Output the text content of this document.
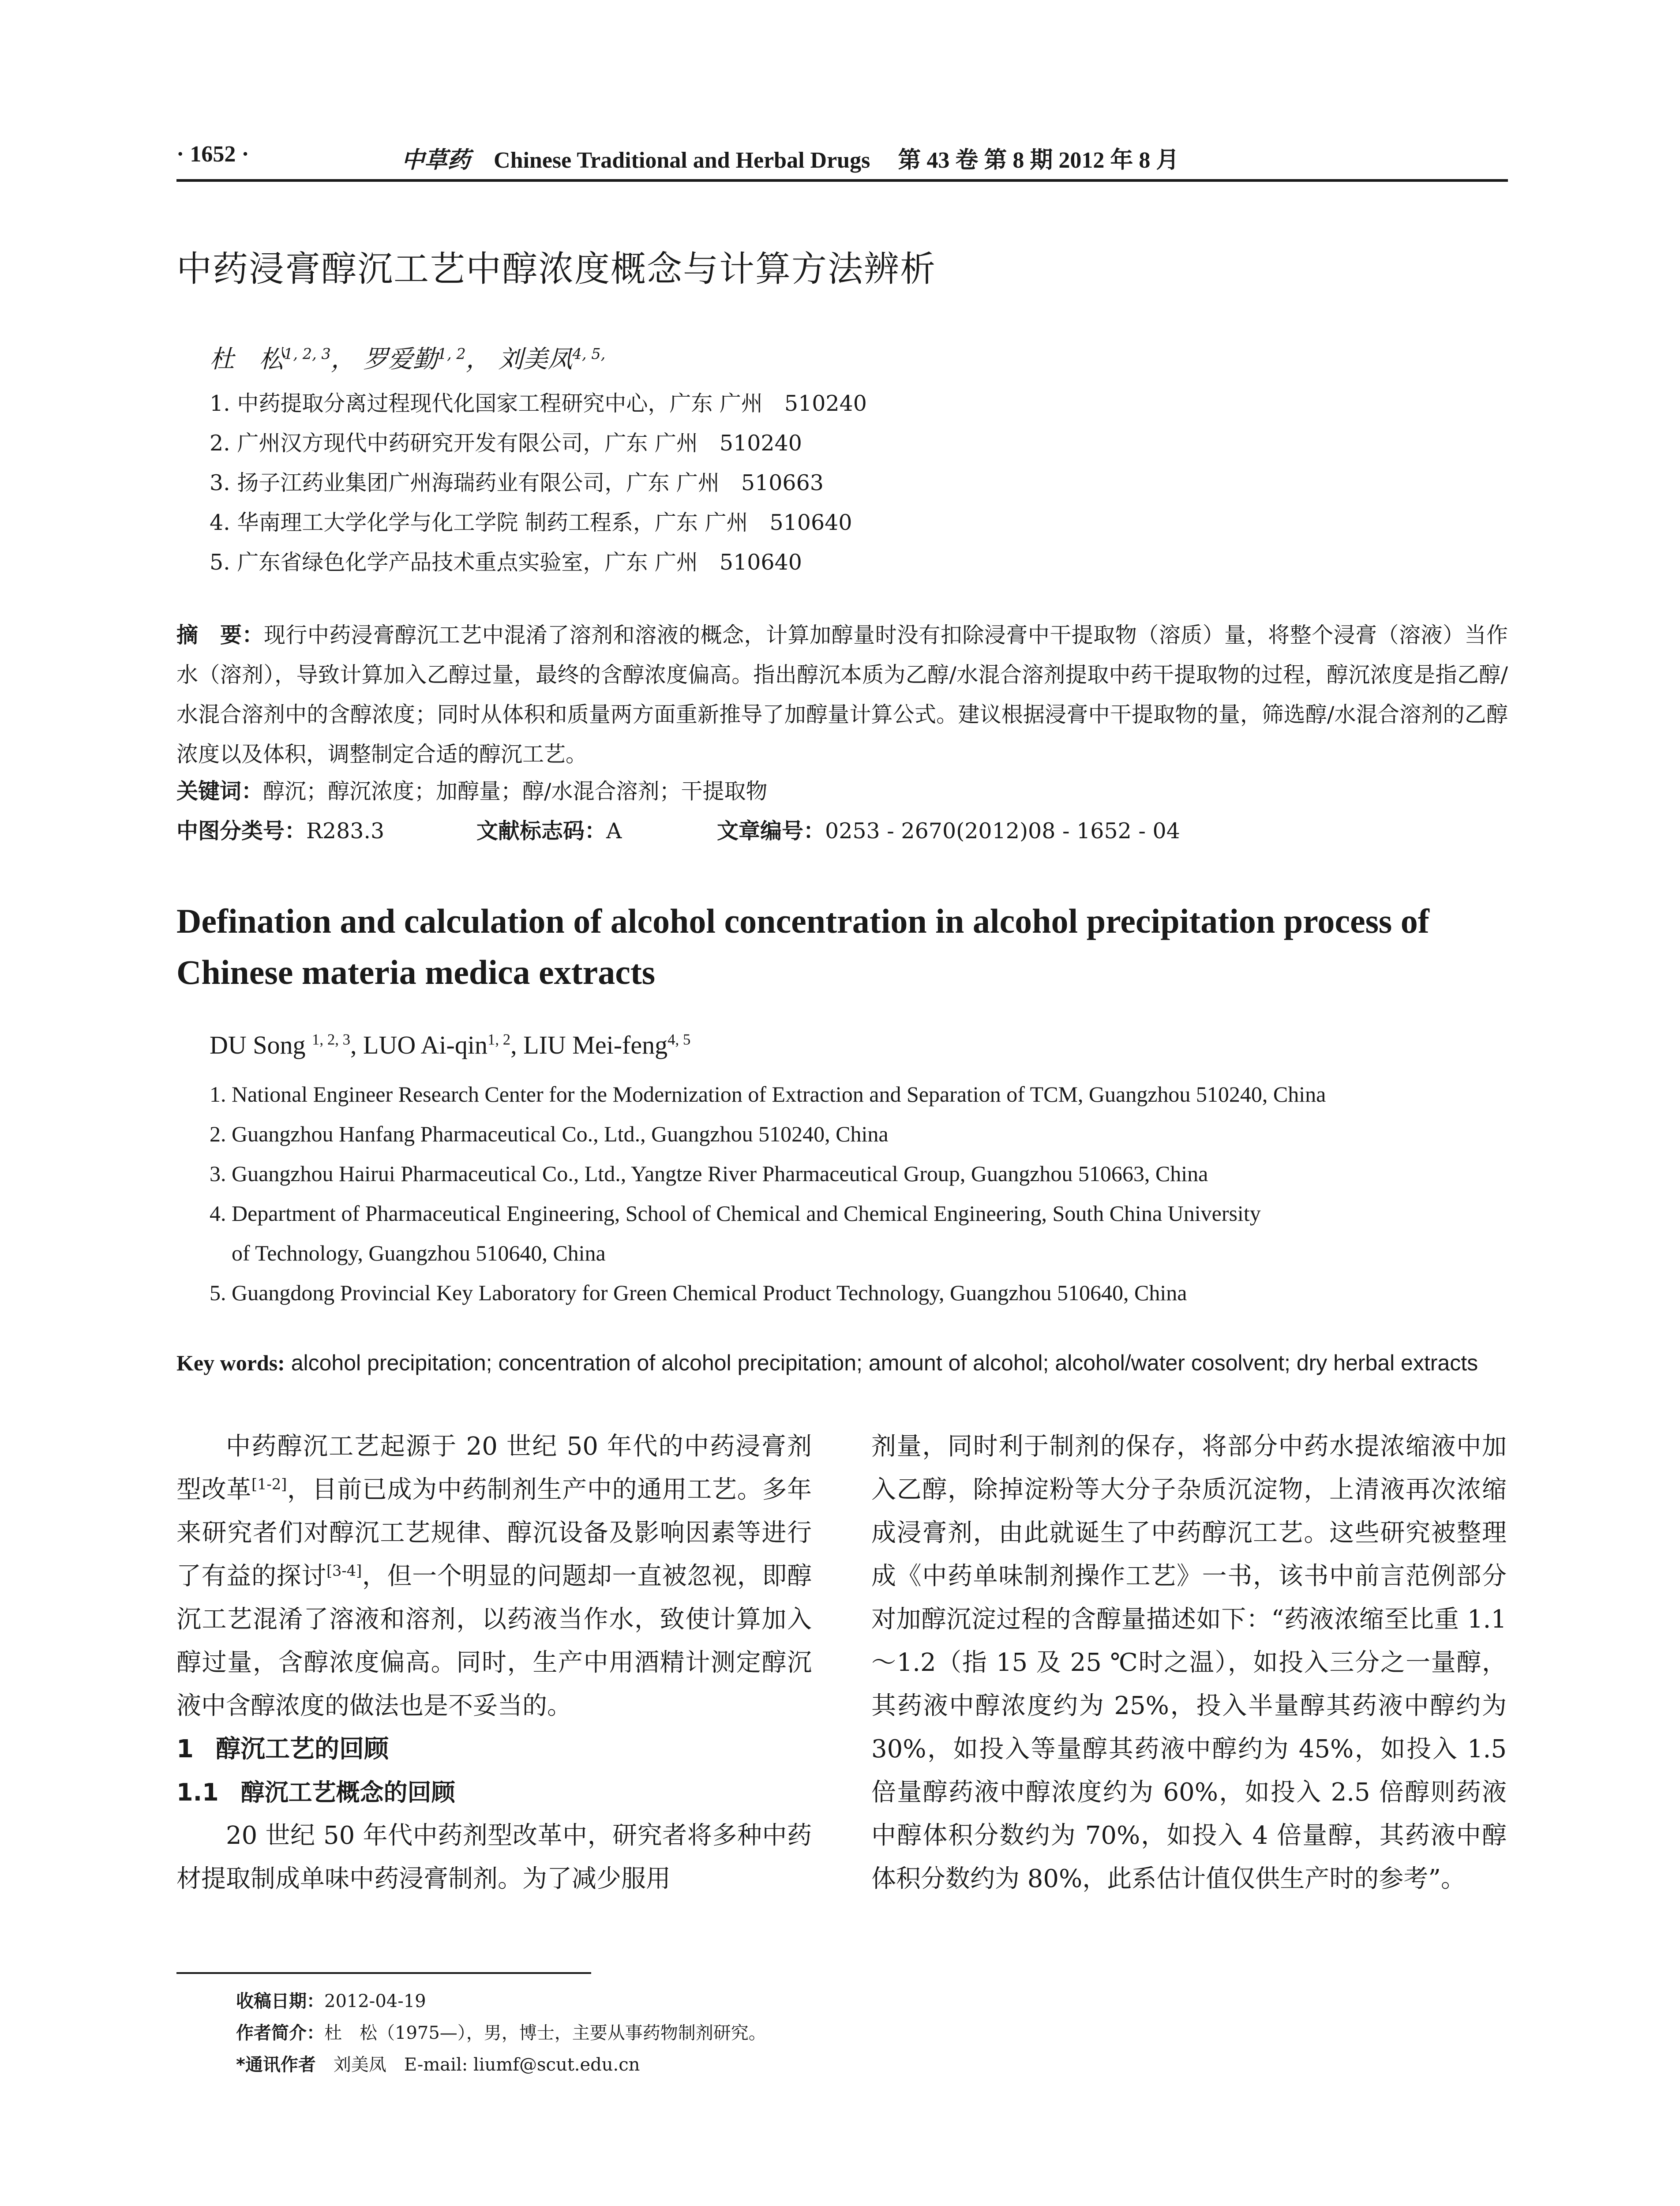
· 1652 ·	中草药 Chinese Traditional and Herbal Drugs 第 43 卷 第 8 期 2012 年 8 月
中药浸膏醇沉工艺中醇浓度概念与计算方法辨析
杜　松$^{1, 2, 3}$， 罗爱勤$^{1, 2}$， 刘美凤$^{4, 5,}$
1. 中药提取分离过程现代化国家工程研究中心，广东 广州　510240
2. 广州汉方现代中药研究开发有限公司，广东 广州　510240
3. 扬子江药业集团广州海瑞药业有限公司，广东 广州　510663
4. 华南理工大学化学与化工学院 制药工程系，广东 广州　510640
5. 广东省绿色化学产品技术重点实验室，广东 广州　510640
摘　要：现行中药浸膏醇沉工艺中混淆了溶剂和溶液的概念，计算加醇量时没有扣除浸膏中干提取物（溶质）量，将整个浸膏（溶液）当作水（溶剂），导致计算加入乙醇过量，最终的含醇浓度偏高。指出醇沉本质为乙醇/水混合溶剂提取中药干提取物的过程，醇沉浓度是指乙醇/水混合溶剂中的含醇浓度；同时从体积和质量两方面重新推导了加醇量计算公式。建议根据浸膏中干提取物的量，筛选醇/水混合溶剂的乙醇浓度以及体积，调整制定合适的醇沉工艺。
关键词：醇沉；醇沉浓度；加醇量；醇/水混合溶剂；干提取物
中图分类号：R283.3	文献标志码：A	文章编号：0253 - 2670(2012)08 - 1652 - 04
Defination and calculation of alcohol concentration in alcohol precipitation process of Chinese materia medica extracts
DU Song $^{1, 2, 3}$, LUO Ai-qin$^{1, 2}$, LIU Mei-feng$^{4, 5}$
1. National Engineer Research Center for the Modernization of Extraction and Separation of TCM, Guangzhou 510240, China
2. Guangzhou Hanfang Pharmaceutical Co., Ltd., Guangzhou 510240, China
3. Guangzhou Hairui Pharmaceutical Co., Ltd., Yangtze River Pharmaceutical Group, Guangzhou 510663, China
4. Department of Pharmaceutical Engineering, School of Chemical and Chemical Engineering, South China University
of Technology, Guangzhou 510640, China
5. Guangdong Provincial Key Laboratory for Green Chemical Product Technology, Guangzhou 510640, China
Key words: alcohol precipitation; concentration of alcohol precipitation; amount of alcohol; alcohol/water cosolvent; dry herbal extracts

中药醇沉工艺起源于 20 世纪 50 年代的中药浸膏剂型改革[1-2]，目前已成为中药制剂生产中的通用工艺。多年来研究者们对醇沉工艺规律、醇沉设备及影响因素等进行了有益的探讨[3-4]，但一个明显的问题却一直被忽视，即醇沉工艺混淆了溶液和溶剂，以药液当作水，致使计算加入醇过量，含醇浓度偏高。同时，生产中用酒精计测定醇沉液中含醇浓度的做法也是不妥当的。

1 醇沉工艺的回顾
1.1 醇沉工艺概念的回顾

20 世纪 50 年代中药剂型改革中，研究者将多种中药材提取制成单味中药浸膏制剂。为了减少服用

剂量，同时利于制剂的保存，将部分中药水提浓缩液中加入乙醇，除掉淀粉等大分子杂质沉淀物，上清液再次浓缩成浸膏剂，由此就诞生了中药醇沉工艺。这些研究被整理成《中药单味制剂操作工艺》一书，该书中前言范例部分对加醇沉淀过程的含醇量描述如下：“药液浓缩至比重 1.1～1.2（指 15 及 25 ℃时之温），如投入三分之一量醇，其药液中醇浓度约为 25%，投入半量醇其药液中醇约为 30%，如投入等量醇其药液中醇约为 45%，如投入 1.5 倍量醇药液中醇浓度约为 60%，如投入 2.5 倍醇则药液中醇体积分数约为 70%，如投入 4 倍量醇，其药液中醇体积分数约为 80%，此系估计值仅供生产时的参考”。

收稿日期：2012-04-19
作者简介：杜　松（1975—），男，博士，主要从事药物制剂研究。
*通讯作者　刘美凤　E-mail: liumf@scut.edu.cn
